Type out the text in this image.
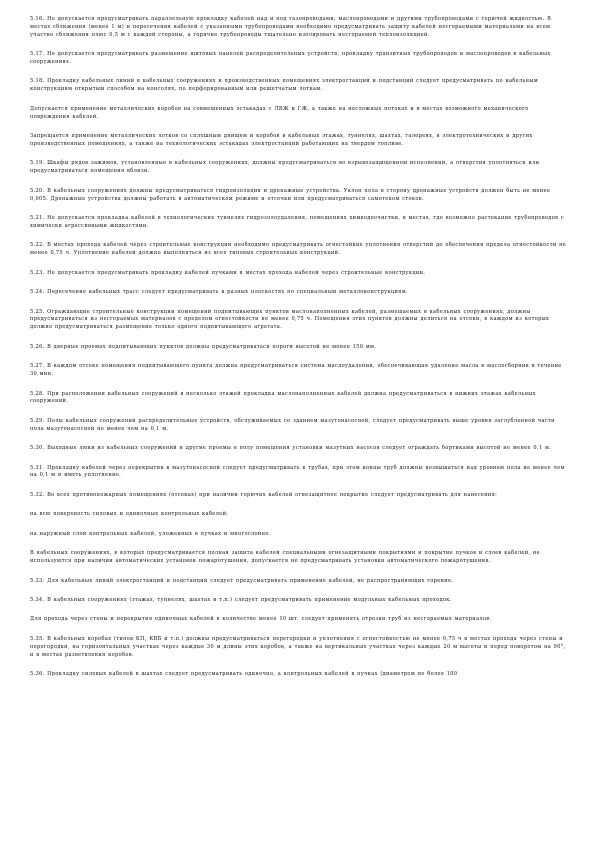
5.16. Не допускается предусматривать параллельную прокладку кабелей над и под газопроводами, маслопроводами и другими трубопроводами с горючей жидкостью. В местах сближения (менее 1 м) и пересечения кабелей с указанными трубопроводами необходимо предусматривать защиту кабелей несгораемыми материалами на всем участке сближения плюс 0,5 м с каждой стороны, а горячие трубопроводы тщательно изолировать несгораемой теплоизоляцией.

5.17. Не допускается предусматривать размещение щитовых панелей распределительных устройств, прокладку транзитных трубопроводов и маслопроводов в кабельных сооружениях.

5.18. Прокладку кабельных линий в кабельных сооружениях и производственных помещениях электростанций и подстанций следует предусматривать по кабельным конструкциям открытым способом на консолях, по перфорированным или решетчатым лоткам.

Допускается применение металлических коробов на совмещенных эстакадах с ЛВЖ и ГЖ, а также на несложных потоках и в местах возможного механического повреждения кабелей.

Запрещается применение металлических лотков со сплошным днищем и коробов в кабельных этажах, туннелях, шахтах, галереях, в электротехнических и других производственных помещениях, а также на технологических эстакадах электростанций работающих на твердом топливе.

5.19. Шкафы рядов зажимов, установленные в кабельных сооружениях, должны предусматриваться во взрывозащищенном исполнении, а отверстия уплотняться или предусматриваться помещения вблизи.

5.20. В кабельных сооружениях должны предусматриваться гидроизоляция и дренажные устройства. Уклон пола в сторону дренажных устройств должен быть не менее 0,005. Дренажные устройства должны работать в автоматическом режиме и отсечки или предусматриваться самотеком стоков.

5.21. Не допускается прокладка кабелей в технологических туннелях гидрозолоудаления, помещениях химводоочистки, в местах, где возможно растекание трубопроводов с химически агрессивными жидкостями.

5.22. В местах прохода кабелей через строительные конструкции необходимо предусматривать огнестойкие уплотнения отверстий до обеспечения предела огнестойкости не менее 0,75 ч. Уплотнение кабелей должно выполняться из всех типовых строительных конструкций.

5.23. Не допускается предусматривать прокладку кабелей пучками в местах прохода кабелей через строительные конструкции.

5.24. Пересечение кабельных трасс следует предусматривать в разных плоскостях по специальным металлоконструкциям.

5.25. Ограждающие строительные конструкции помещений подпитывающих пунктов маслонаполненных кабелей, размещаемых в кабельных сооружениях, должны предусматриваться из несгораемых материалов с пределом огнестойкости не менее 0,75 ч. Помещения этих пунктов должны делиться на отсеки, в каждом из которых должно предусматриваться размещение только одного подпитывающего агрегата.

5.26. В дверных проемах подпитывающих пунктов должны предусматриваться пороги высотой не менее 150 мм.

5.27. В каждом отсеке помещения подпитывающего пункта должна предусматриваться система маслоудаления, обеспечивающая удаление масла в маслосборник в течение 30 мин.

5.28. При расположении кабельных сооружений в несколько этажей прокладка маслонаполненных кабелей должна предусматриваться в нижних этажах кабельных сооружений.

5.29. Полы кабельных сооружений распределительных устройств, обслуживаемых со зданием мазутонасосной, следует предусматривать выше уровня заглубленной части пола мазутонасосной не менее чем на 0,1 м.

5.30. Выходные люки из кабельных сооружений и другие проемы в полу помещения установки мазутных насосов следует ограждать бортиками высотой не менее 0,1 м.

5.31. Прокладку кабелей через перекрытия в мазутонасосной следует предусматривать в трубах, при этом концы труб должны возвышаться над уровнем пола не менее чем на 0,1 м и иметь уплотнение.

5.32. Во всех противопожарных помещениях (отсеках) при наличии горючих кабелей огнезащитное покрытие следует предусматривать для нанесения:

на всю поверхность силовых и одиночных контрольных кабелей;

на наружный слой контрольных кабелей, уложенных в пучках и многослойно.

В кабельных сооружениях, в которых предусматривается полная защита кабелей специальными огнезащитными покрытиями и покрытие пучков и слоев кабелей, не используются при наличии автоматических установок пожаротушения, допускается не предусматривать установки автоматического пожаротушения.

5.33. Для кабельных линий электростанций и подстанций следует предусматривать применение кабелей, не распространяющих горение.

5.34. В кабельных сооружениях (этажах, туннелях, шахтах и т.п.) следует предусматривать применение модульных кабельных проходок.

Для прохода через стены и перекрытия одиночных кабелей в количестве менее 10 шт. следует применять отрезки труб из несгораемых материалов.

5.35. В кабельных коробах (типов КП, КВБ и т.п.) должны предусматриваться перегородки и уплотнения с огнестойкостью не менее 0,75 ч в местах прохода через стены и перегородки, на горизонтальных участках через каждые 30 м длины этих коробов, а также на вертикальных участках через каждые 20 м высоты и перед поворотом на 90°, и в местах разветвления коробов.

5.36. Прокладку силовых кабелей в шахтах следует предусматривать одиночно, а контрольных кабелей в пучках (диаметром не более 100
